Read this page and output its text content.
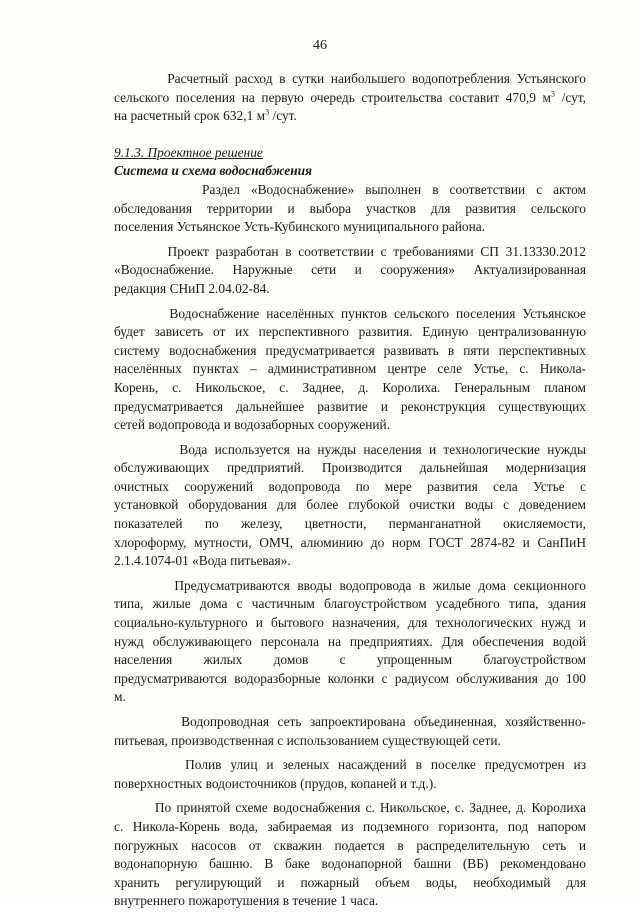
46
Расчетный расход в сутки наибольшего водопотребления Устьянского
сельского поселения на первую очередь строительства составит 470,9 $м^3$ /сут,
на расчетный срок 632,1 $м^3$ /сут.
9.1.3. Проектное решение
Система и схема водоснабжения
Раздел «Водоснабжение» выполнен в соответствии с актом
обследования территории и выбора участков для развития сельского
поселения Устьянское Усть-Кубинского муниципального района.
Проект разработан в соответствии с требованиями СП 31.13330.2012
«Водоснабжение. Наружные сети и сооружения» Актуализированная
редакция СНиП 2.04.02-84.
Водоснабжение населённых пунктов сельского поселения Устьянское
будет зависеть от их перспективного развития. Единую централизованную
систему водоснабжения предусматривается развивать в пяти перспективных
населённых пунктах – административном центре селе Устье, с. Никола-
Корень, с. Никольское, с. Заднее, д. Королиха. Генеральным планом
предусматривается дальнейшее развитие и реконструкция существующих
сетей водопровода и водозаборных сооружений.
Вода используется на нужды населения и технологические нужды
обслуживающих предприятий. Производится дальнейшая модернизация
очистных сооружений водопровода по мере развития села Устье с
установкой оборудования для более глубокой очистки воды с доведением
показателей по железу, цветности, перманганатной окисляемости,
хлороформу, мутности, ОМЧ, алюминию до норм ГОСТ 2874-82 и СанПиН
2.1.4.1074-01 «Вода питьевая».
Предусматриваются вводы водопровода в жилые дома секционного
типа, жилые дома с частичным благоустройством усадебного типа, здания
социально-культурного и бытового назначения, для технологических нужд и
нужд обслуживающего персонала на предприятиях. Для обеспечения водой
населения жилых домов с упрощенным благоустройством
предусматриваются водоразборные колонки с радиусом обслуживания до 100
м.
Водопроводная сеть запроектирована объединенная, хозяйственно-
питьевая, производственная с использованием существующей сети.
Полив улиц и зеленых насаждений в поселке предусмотрен из
поверхностных водоисточников (прудов, копаней и т.д.).
По принятой схеме водоснабжения с. Никольское, с. Заднее, д. Королиха
с. Никола-Корень вода, забираемая из подземного горизонта, под напором
погружных насосов от скважин подается в распределительную сеть и
водонапорную башню. В баке водонапорной башни (ВБ) рекомендовано
хранить регулирующий и пожарный объем воды, необходимый для
внутреннего пожаротушения в течение 1 часа.
